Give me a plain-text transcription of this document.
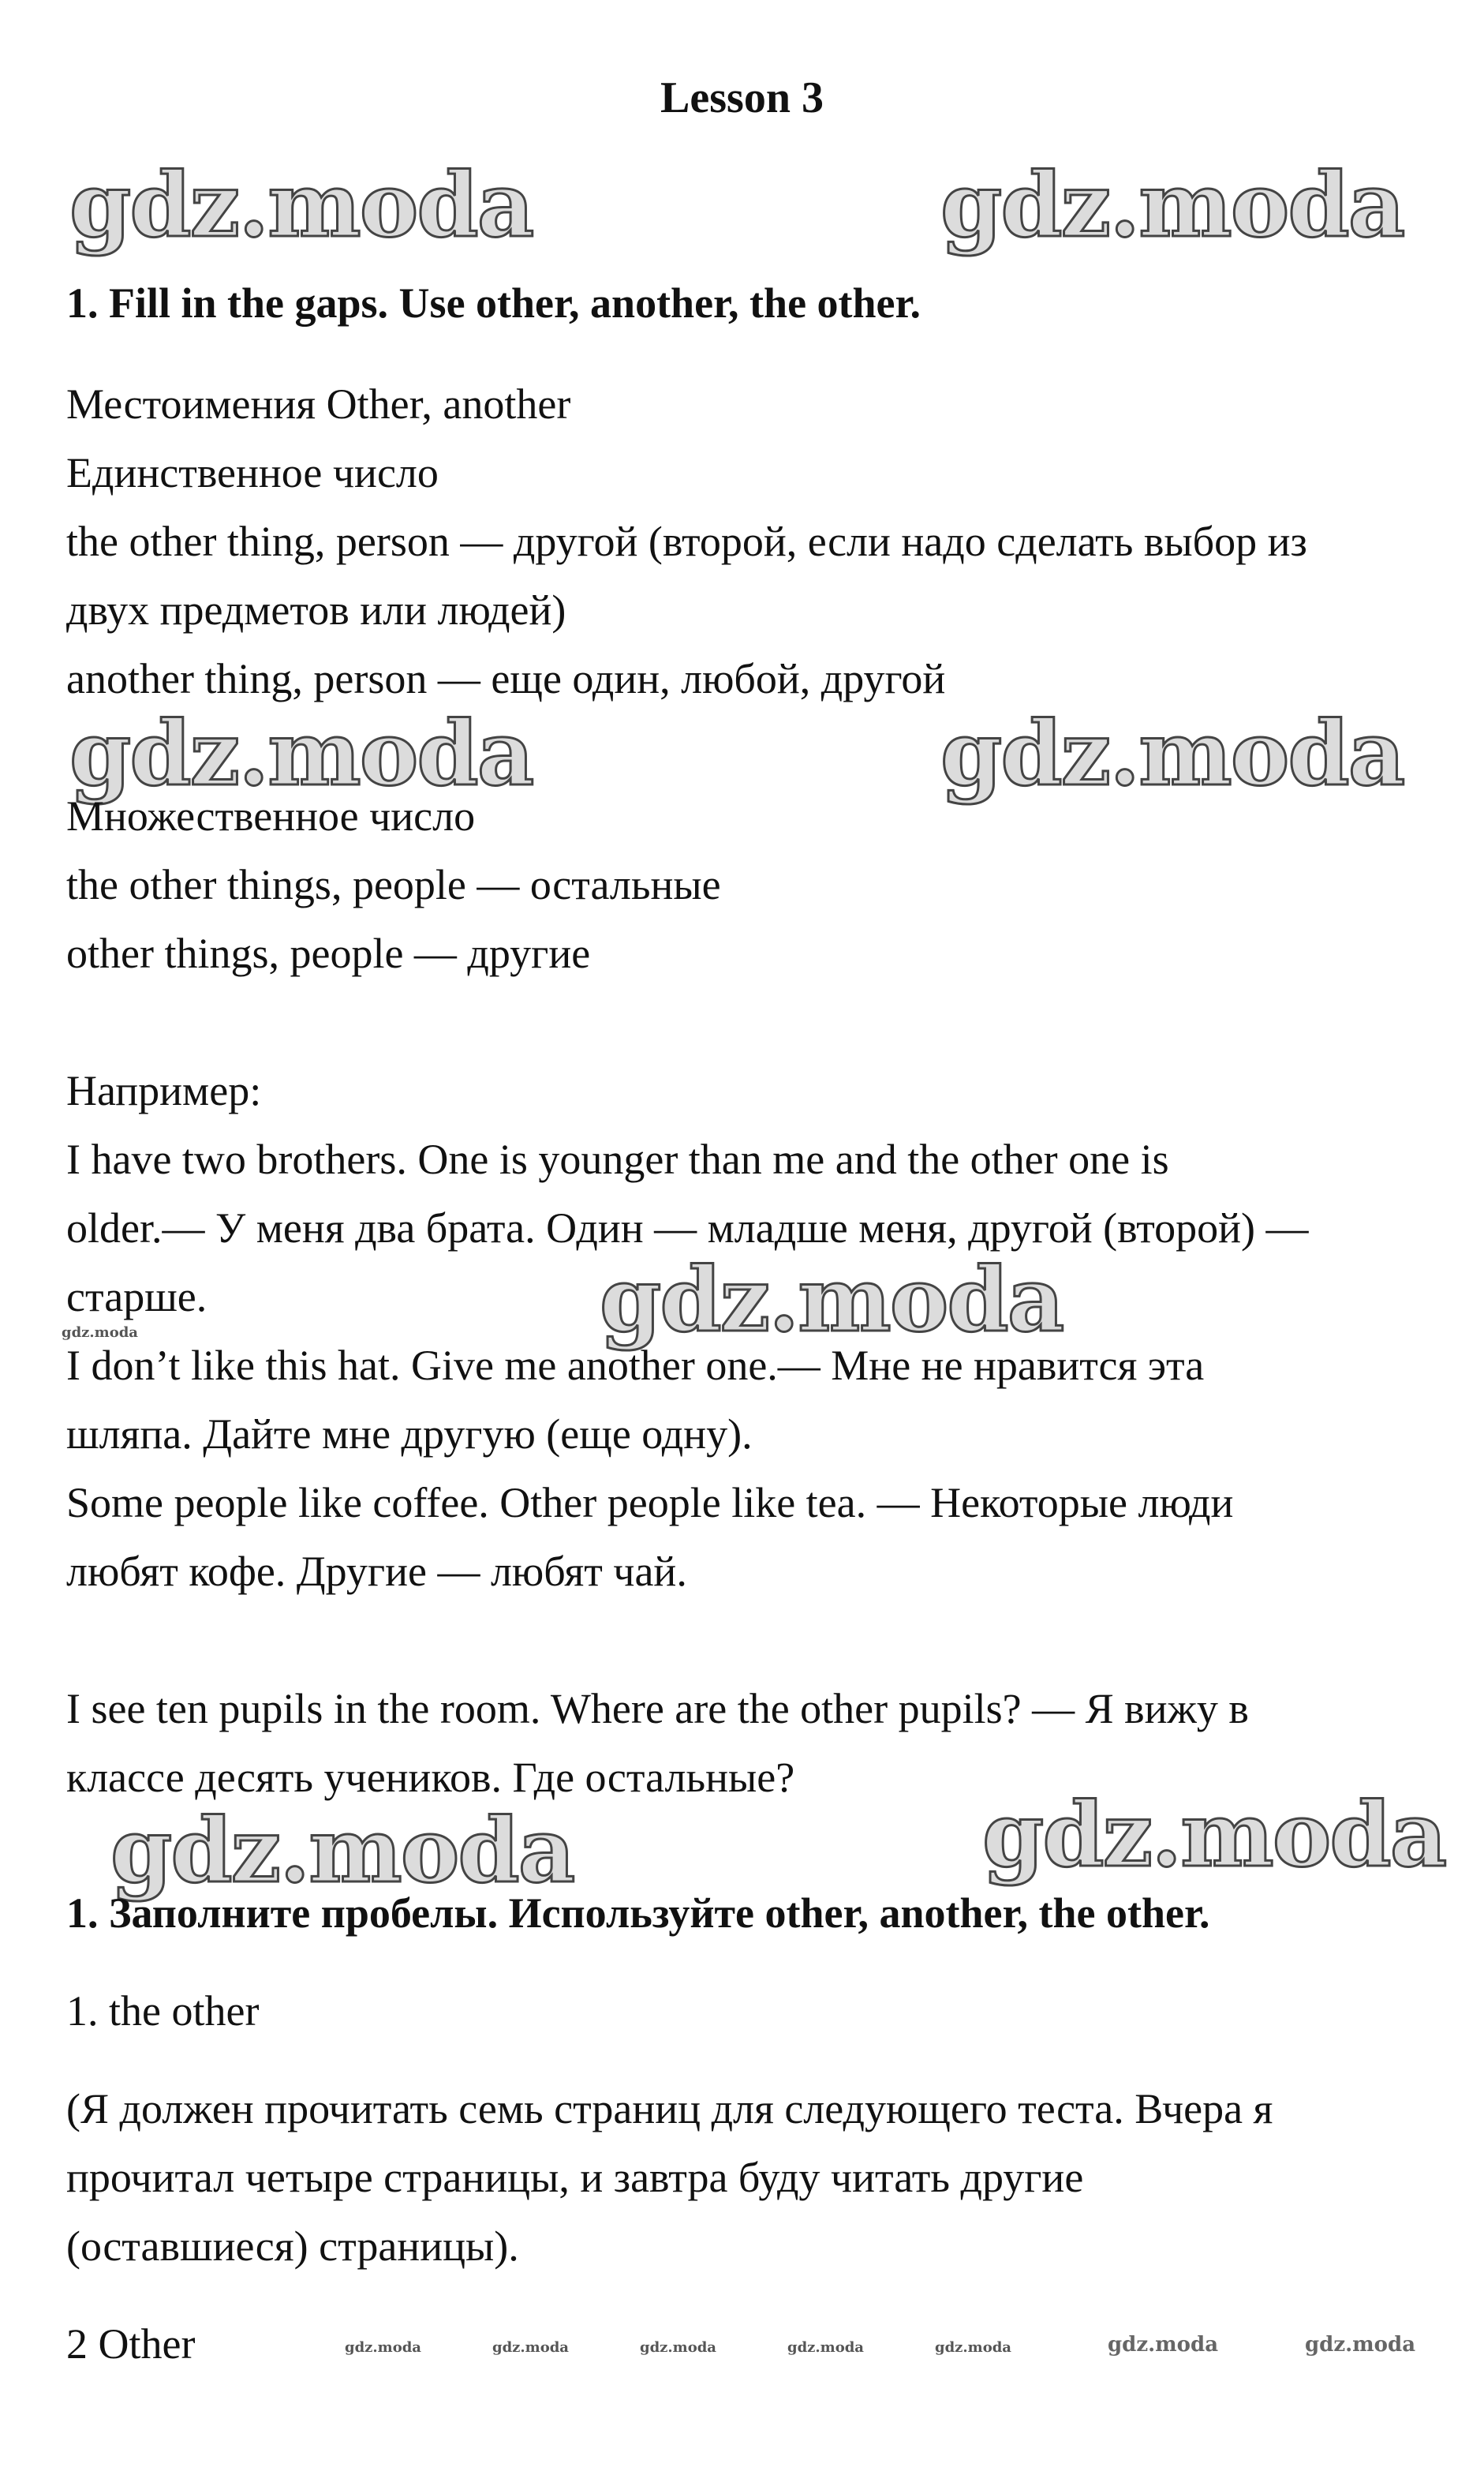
Lesson 3
gdz.moda	gdz.moda
1. Fill in the gaps. Use other, another, the other.
Местоимения Other, another
Единственное число
the other thing, person — другой (второй, если надо сделать выбор из
двух предметов или людей)
another thing, person — еще один, любой, другой
gdz.moda	gdz.moda
Множественное число
the other things, people — остальные
other things, people — другие
Например:
I have two brothers. One is younger than me and the other one is
older.— У меня два брата. Один — младше меня, другой (второй) —
старше.	gdz.moda
gdz.moda
I don’t like this hat. Give me another one.— Мне не нравится эта
шляпа. Дайте мне другую (еще одну).
Some people like coffee. Other people like tea. — Некоторые люди
любят кофе. Другие — любят чай.
I see ten pupils in the room. Where are the other pupils? — Я вижу в
классе десять учеников. Где остальные?
gdz.moda	gdz.moda
1. Заполните пробелы. Используйте other, another, the other.
1. the other
(Я должен прочитать семь страниц для следующего теста. Вчера я
прочитал четыре страницы, и завтра буду читать другие
(оставшиеся) страницы).
2 Other	gdz.moda	gdz.moda	gdz.moda	gdz.moda	gdz.moda	gdz.moda	gdz.moda
